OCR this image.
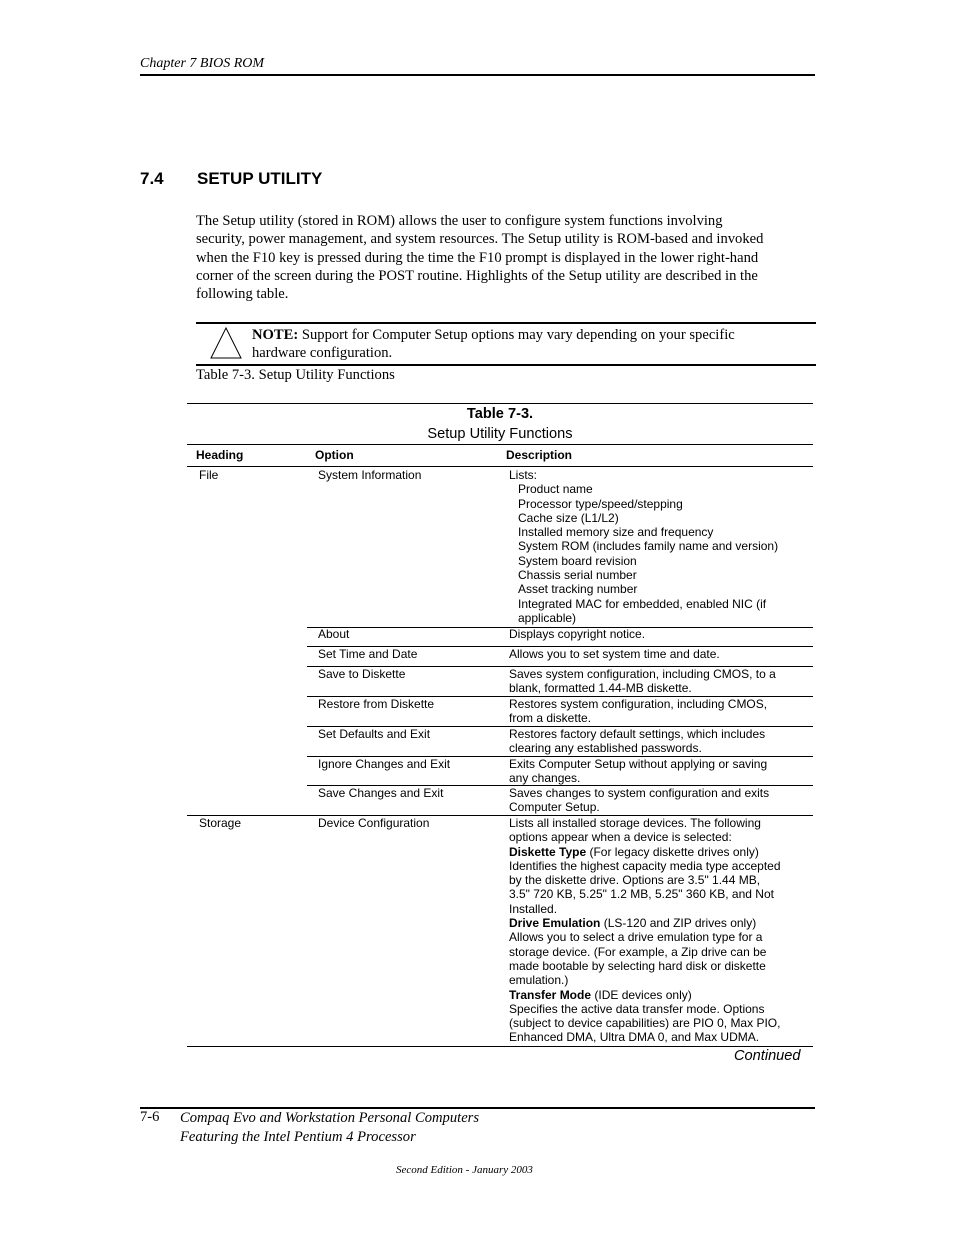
Chapter 7 BIOS ROM
7.4 SETUP UTILITY
The Setup utility (stored in ROM) allows the user to configure system functions involving
security, power management, and system resources. The Setup utility is ROM-based and invoked
when the F10 key is pressed during the time the F10 prompt is displayed in the lower right-hand
corner of the screen during the POST routine. Highlights of the Setup utility are described in the
following table.
NOTE: Support for Computer Setup options may vary depending on your specific
hardware configuration.
Table 7-3. Setup Utility Functions
Table 7-3.
Setup Utility Functions
Heading	Option	Description
File	System Information	Lists:
Product name
Processor type/speed/stepping
Cache size (L1/L2)
Installed memory size and frequency
System ROM (includes family name and version)
System board revision
Chassis serial number
Asset tracking number
Integrated MAC for embedded, enabled NIC (if
applicable)
About	Displays copyright notice.
Set Time and Date	Allows you to set system time and date.
Save to Diskette	Saves system configuration, including CMOS, to a
blank, formatted 1.44-MB diskette.
Restore from Diskette	Restores system configuration, including CMOS,
from a diskette.
Set Defaults and Exit	Restores factory default settings, which includes
clearing any established passwords.
Ignore Changes and Exit	Exits Computer Setup without applying or saving
any changes.
Save Changes and Exit	Saves changes to system configuration and exits
Computer Setup.
Storage	Device Configuration	Lists all installed storage devices. The following
options appear when a device is selected:
Diskette Type (For legacy diskette drives only)
Identifies the highest capacity media type accepted
by the diskette drive. Options are 3.5" 1.44 MB,
3.5" 720 KB, 5.25" 1.2 MB, 5.25" 360 KB, and Not
Installed.
Drive Emulation (LS-120 and ZIP drives only)
Allows you to select a drive emulation type for a
storage device. (For example, a Zip drive can be
made bootable by selecting hard disk or diskette
emulation.)
Transfer Mode (IDE devices only)
Specifies the active data transfer mode. Options
(subject to device capabilities) are PIO 0, Max PIO,
Enhanced DMA, Ultra DMA 0, and Max UDMA.
Continued
7-6 Compaq Evo and Workstation Personal Computers
Featuring the Intel Pentium 4 Processor
Second Edition - January 2003
